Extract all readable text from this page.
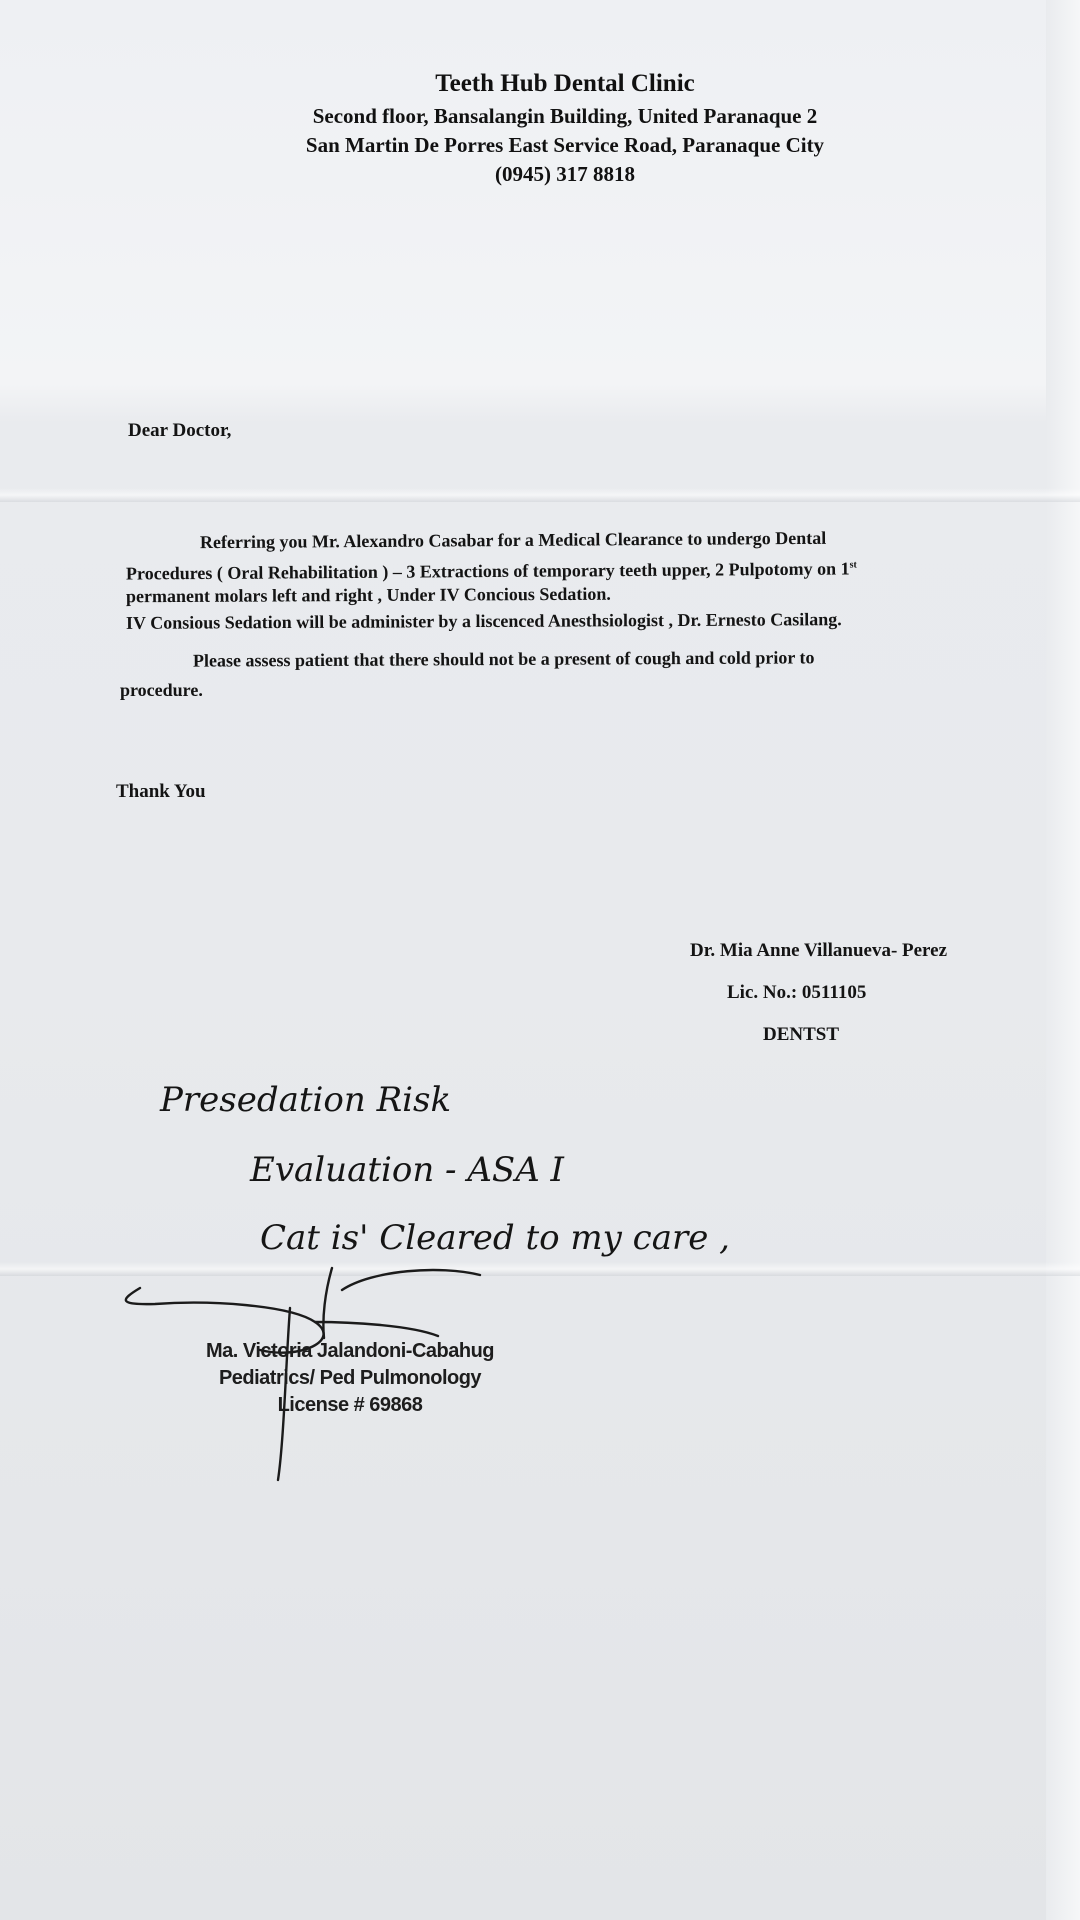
Teeth Hub Dental Clinic
Second floor, Bansalangin Building, United Paranaque 2
San Martin De Porres East Service Road, Paranaque City
(0945) 317 8818
Dear Doctor,
Referring you Mr. Alexandro Casabar for a Medical Clearance to undergo Dental
Procedures ( Oral Rehabilitation ) – 3 Extractions of temporary teeth upper, 2 Pulpotomy on 1st
permanent molars left and right , Under IV Concious Sedation.
IV Consious Sedation will be administer by a liscenced Anesthsiologist , Dr. Ernesto Casilang.
Please assess patient that there should not be a present of cough and cold prior to
procedure.
Thank You
Dr. Mia Anne Villanueva- Perez
Lic. No.: 0511105
DENTST
Presedation Risk
Evaluation - ASA I
Cat is' Cleared to my care ,
Ma. Victoria Jalandoni-Cabahug
Pediatrics/ Ped Pulmonology
License # 69868
